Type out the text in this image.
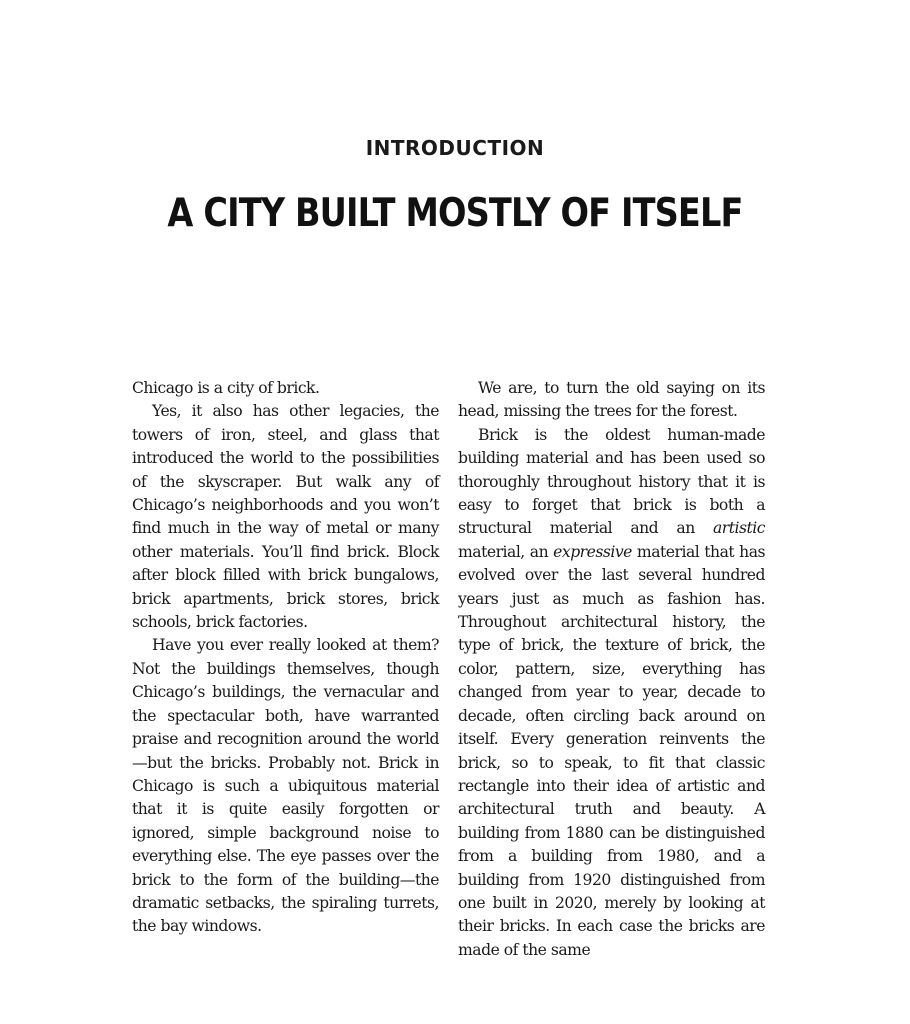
INTRODUCTION
A CITY BUILT MOSTLY OF ITSELF

Chicago is a city of brick.

Yes, it also has other legacies, the towers of iron, steel, and glass that introduced the world to the possibilities of the skyscraper. But walk any of Chicago’s neighborhoods and you won’t find much in the way of metal or many other materials. You’ll find brick. Block after block filled with brick bungalows, brick apartments, brick stores, brick schools, brick factories.

Have you ever really looked at them? Not the buildings themselves, though Chicago’s buildings, the vernacular and the spectacular both, have warranted praise and recognition around the world—but the bricks. Probably not. Brick in Chicago is such a ubiquitous material that it is quite easily forgotten or ignored, simple background noise to everything else. The eye passes over the brick to the form of the building—the dramatic setbacks, the spiraling turrets, the bay windows.

We are, to turn the old saying on its head, missing the trees for the forest.

Brick is the oldest human-made building material and has been used so thoroughly throughout history that it is easy to forget that brick is both a structural material and an artistic material, an expressive material that has evolved over the last several hundred years just as much as fashion has. Throughout architectural history, the type of brick, the texture of brick, the color, pattern, size, everything has changed from year to year, decade to decade, often circling back around on itself. Every generation reinvents the brick, so to speak, to fit that classic rectangle into their idea of artistic and architectural truth and beauty. A building from 1880 can be distinguished from a building from 1980, and a building from 1920 distinguished from one built in 2020, merely by looking at their bricks. In each case the bricks are made of the same
